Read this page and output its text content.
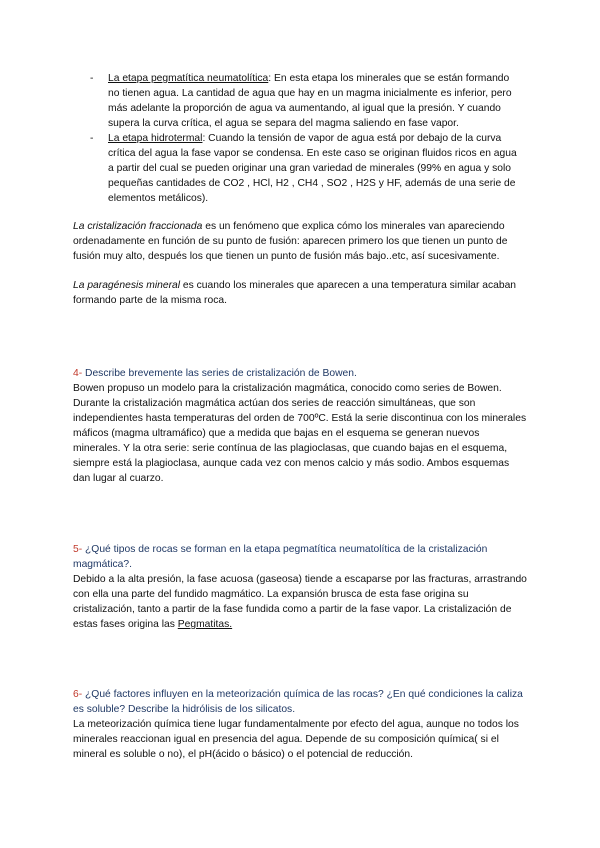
- La etapa pegmatítica neumatolítica: En esta etapa los minerales que se están formando no tienen agua. La cantidad de agua que hay en un magma inicialmente es inferior, pero más adelante la proporción de agua va aumentando, al igual que la presión. Y cuando supera la curva crítica, el agua se separa del magma saliendo en fase vapor.
- La etapa hidrotermal: Cuando la tensión de vapor de agua está por debajo de la curva crítica del agua la fase vapor se condensa. En este caso se originan fluidos ricos en agua a partir del cual se pueden originar una gran variedad de minerales (99% en agua y solo pequeñas cantidades de CO2 , HCl, H2 , CH4 , SO2 , H2S y HF, además de una serie de elementos metálicos).
La cristalización fraccionada es un fenómeno que explica cómo los minerales van apareciendo ordenadamente en función de su punto de fusión: aparecen primero los que tienen un punto de fusión muy alto, después los que tienen un punto de fusión más bajo..etc, así sucesivamente.
La paragénesis mineral es cuando los minerales que aparecen a una temperatura similar acaban formando parte de la misma roca.
4- Describe brevemente las series de cristalización de Bowen.
Bowen propuso un modelo para la cristalización magmática, conocido como series de Bowen. Durante la cristalización magmática actúan dos series de reacción simultáneas, que son independientes hasta temperaturas del orden de 700ºC. Está la serie discontinua con los minerales máficos (magma ultramáfico) que a medida que bajas en el esquema se generan nuevos minerales. Y la otra serie: serie contínua de las plagioclasas, que cuando bajas en el esquema, siempre está la plagioclasa, aunque cada vez con menos calcio y más sodio. Ambos esquemas dan lugar al cuarzo.
5- ¿Qué tipos de rocas se forman en la etapa pegmatítica neumatolítica de la cristalización magmática?.
Debido a la alta presión, la fase acuosa (gaseosa) tiende a escaparse por las fracturas, arrastrando con ella una parte del fundido magmático. La expansión brusca de esta fase origina su cristalización, tanto a partir de la fase fundida como a partir de la fase vapor. La cristalización de estas fases origina las Pegmatitas.
6- ¿Qué factores influyen en la meteorización química de las rocas? ¿En qué condiciones la caliza es soluble? Describe la hidrólisis de los silicatos.
La meteorización química tiene lugar fundamentalmente por efecto del agua, aunque no todos los minerales reaccionan igual en presencia del agua. Depende de su composición química( si el mineral es soluble o no), el pH(ácido o básico) o el potencial de reducción.
